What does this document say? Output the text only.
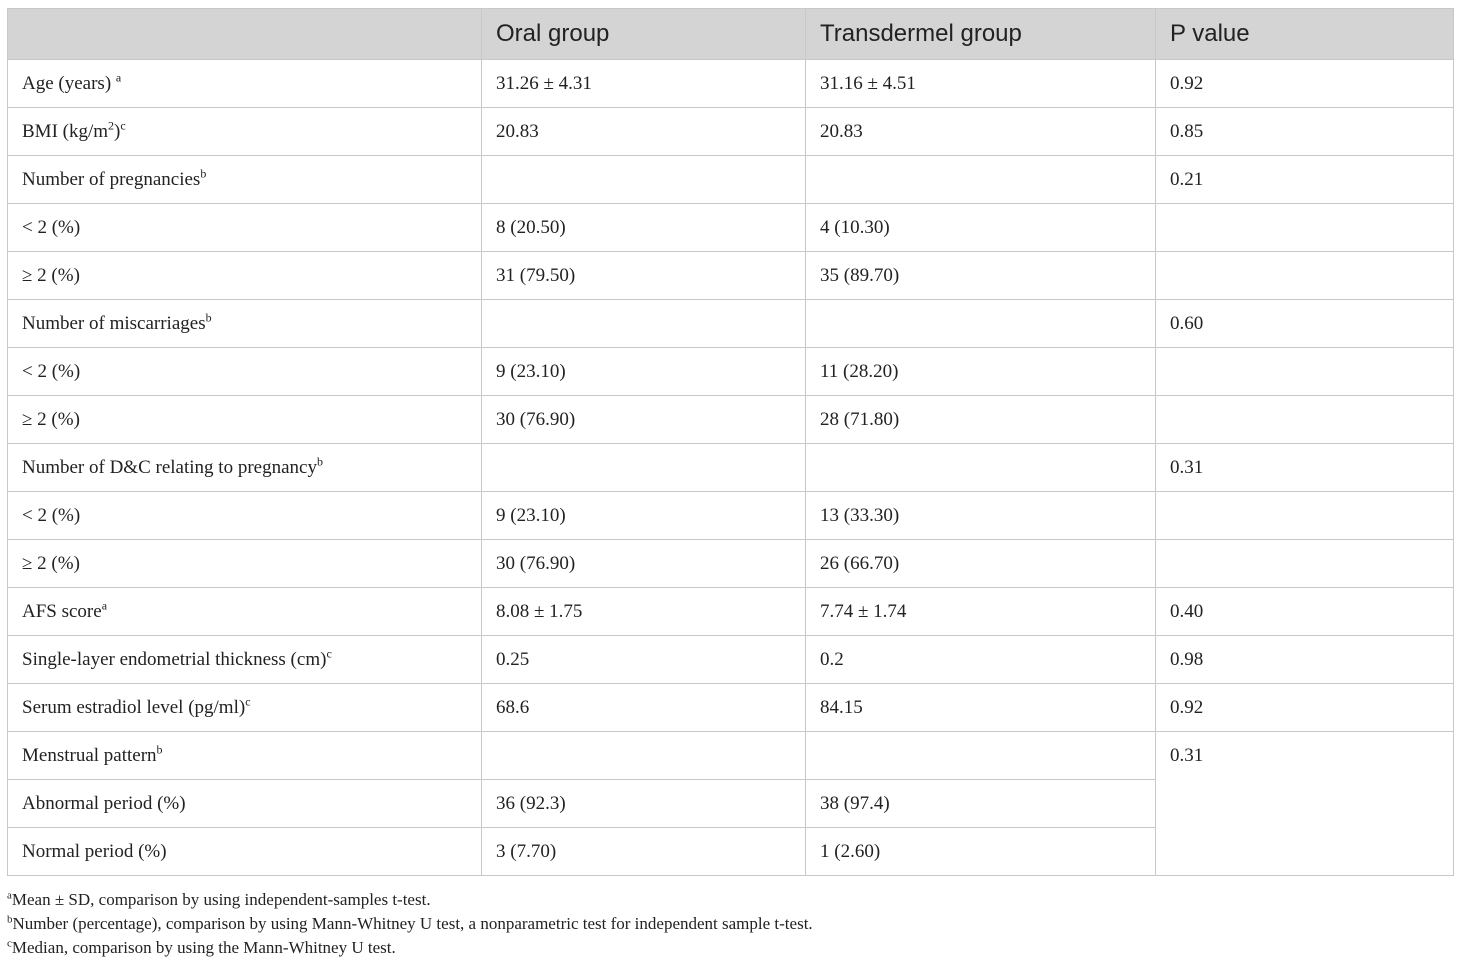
	Oral group	Transdermel group	P value
Age (years) $^a$	31.26 ± 4.31	31.16 ± 4.51	0.92
BMI $(kg/m^2)^c$	20.83	20.83	0.85
Number of pregnancies$^b$			0.21
< 2 (%)	8 (20.50)	4 (10.30)	
≥ 2 (%)	31 (79.50)	35 (89.70)	
Number of miscarriages$^b$			0.60
< 2 (%)	9 (23.10)	11 (28.20)	
≥ 2 (%)	30 (76.90)	28 (71.80)	
Number of D&C relating to pregnancy$^b$			0.31
< 2 (%)	9 (23.10)	13 (33.30)	
≥ 2 (%)	30 (76.90)	26 (66.70)	
AFS score$^a$	8.08 ± 1.75	7.74 ± 1.74	0.40
Single-layer endometrial thickness (cm)$^c$	0.25	0.2	0.98
Serum estradiol level $(pg/ml)^c$	68.6	84.15	0.92
Menstrual pattern$^b$			0.31
Abnormal period (%)	36 (92.3)	38 (97.4)	
Normal period (%)	3 (7.70)	1 (2.60)	
$^a$Mean ± SD, comparison by using independent-samples t-test.
$^b$Number (percentage), comparison by using Mann-Whitney U test, a nonparametric test for independent sample t-test.
$^c$Median, comparison by using the Mann-Whitney U test.
